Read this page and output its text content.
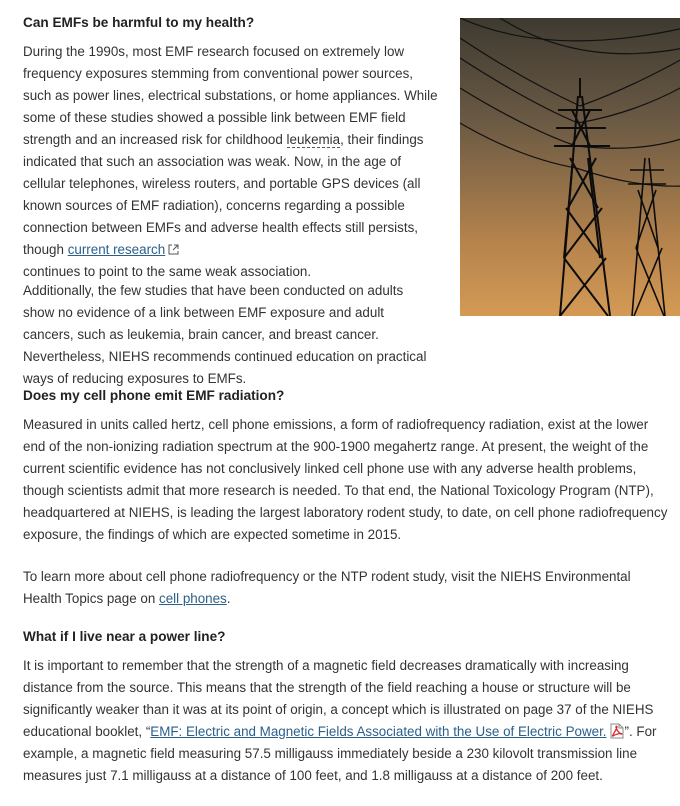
Can EMFs be harmful to my health?

During the 1990s, most EMF research focused on extremely low frequency exposures stemming from conventional power sources, such as power lines, electrical substations, or home appliances. While some of these studies showed a possible link between EMF field strength and an increased risk for childhood leukemia, their findings indicated that such an association was weak. Now, in the age of cellular telephones, wireless routers, and portable GPS devices (all known sources of EMF radiation), concerns regarding a possible connection between EMFs and adverse health effects still persists, though current research
continues to point to the same weak association.

Additionally, the few studies that have been conducted on adults show no evidence of a link between EMF exposure and adult cancers, such as leukemia, brain cancer, and breast cancer. Nevertheless, NIEHS recommends continued education on practical ways of reducing exposures to EMFs.

Does my cell phone emit EMF radiation?

Measured in units called hertz, cell phone emissions, a form of radiofrequency radiation, exist at the lower end of the non-ionizing radiation spectrum at the 900-1900 megahertz range. At present, the weight of the current scientific evidence has not conclusively linked cell phone use with any adverse health problems, though scientists admit that more research is needed. To that end, the National Toxicology Program (NTP), headquartered at NIEHS, is leading the largest laboratory rodent study, to date, on cell phone radiofrequency exposure, the findings of which are expected sometime in 2015.

To learn more about cell phone radiofrequency or the NTP rodent study, visit the NIEHS Environmental Health Topics page on cell phones.

What if I live near a power line?

It is important to remember that the strength of a magnetic field decreases dramatically with increasing distance from the source. This means that the strength of the field reaching a house or structure will be significantly weaker than it was at its point of origin, a concept which is illustrated on page 37 of the NIEHS educational booklet, “EMF: Electric and Magnetic Fields Associated with the Use of Electric Power. ”. For example, a magnetic field measuring 57.5 milligauss immediately beside a 230 kilovolt transmission line measures just 7.1 milligauss at a distance of 100 feet, and 1.8 milligauss at a distance of 200 feet.
